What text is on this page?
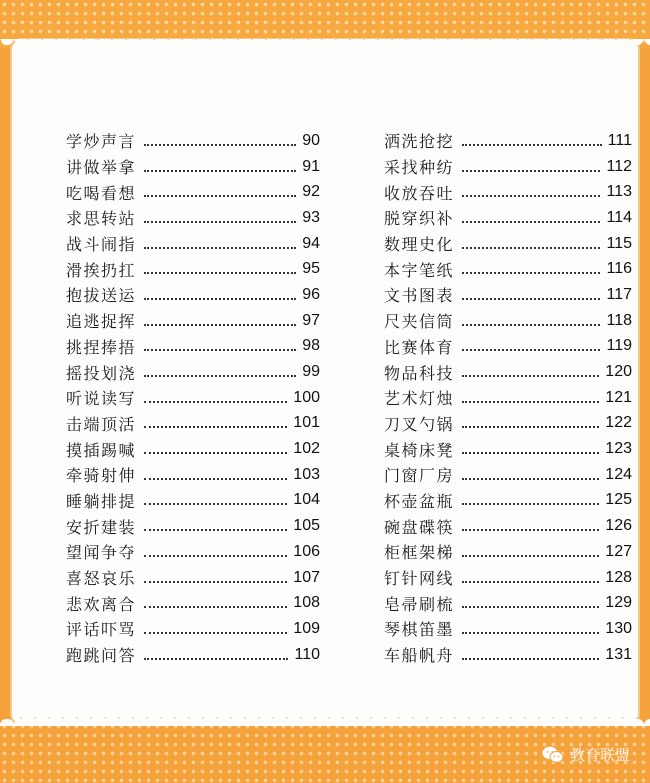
学炒声言	90
讲做举拿	91
吃喝看想	92
求思转站	93
战斗闹指	94
滑挨扔扛	95
抱拔送运	96
追逃捉挥	97
挑捏捧捂	98
摇投划浇	99
听说读写	100
击端顶活	101
摸插踢喊	102
牵骑射伸	103
睡躺排提	104
安折建装	105
望闻争夺	106
喜怒哀乐	107
悲欢离合	108
评话吓骂	109
跑跳问答	110
洒洗抢挖	111
采找种纺	112
收放吞吐	113
脱穿织补	114
数理史化	115
本字笔纸	116
文书图表	117
尺夹信筒	118
比赛体育	119
物品科技	120
艺术灯烛	121
刀叉勺锅	122
桌椅床凳	123
门窗厂房	124
杯壶盆瓶	125
碗盘碟筷	126
柜框架梯	127
钉针网线	128
皂帚刷梳	129
琴棋笛墨	130
车船帆舟	131
教育联盟
